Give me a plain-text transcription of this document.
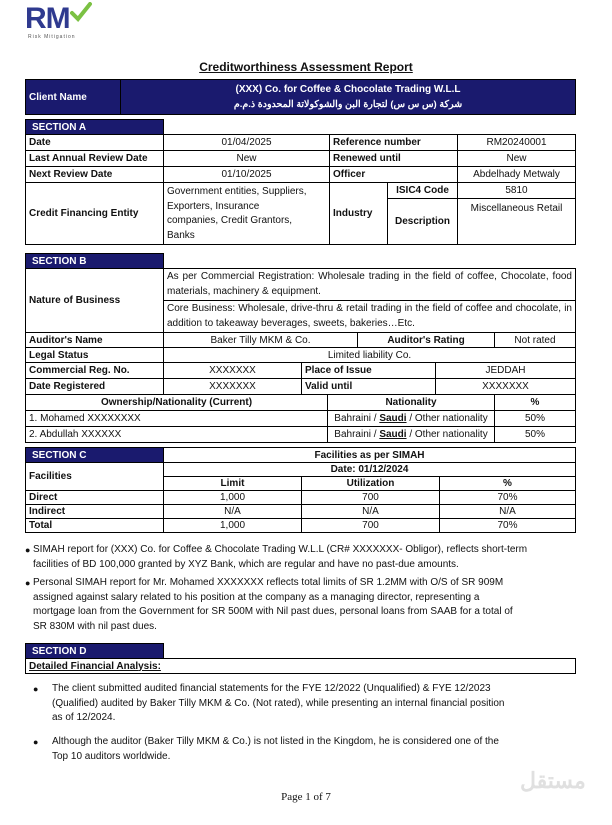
RM
Risk Mitigation
Creditworthiness Assessment Report
Client Name	
(XXX) Co. for Coffee & Chocolate Trading W.L.L
شركة (س س س) لتجارة البن والشوكولاتة المحدودة ذ.م.م
SECTION A				
Date	01/04/2025	Reference number		RM20240001
Last Annual Review Date	New	Renewed until		New
Next Review Date	01/10/2025	Officer		Abdelhady Metwaly
Credit Financing Entity	Government entities, Suppliers,
Exporters, Insurance
companies, Credit Grantors,
Banks	Industry	ISIC4 Code	5810
			Description	Miscellaneous Retail
SECTION B						
Nature of Business	As per Commercial Registration: Wholesale trading in the field of coffee, Chocolate, food materials, machinery & equipment.					
	Core Business: Wholesale, drive-thru & retail trading in the field of coffee and chocolate, in addition to takeaway beverages, sweets, bakeries…Etc.					
Auditor's Name	Baker Tilly MKM & Co.			Auditor's Rating		Not rated
Legal Status	Limited liability Co.					
Commercial Reg. No.	XXXXXXX	Place of Issue			JEDDAH	
Date Registered	XXXXXXX	Valid until			XXXXXXX	
Ownership/Nationality (Current)			Nationality			%
1. Mohamed XXXXXXXX			Bahraini / Saudi / Other nationality			50%
2. Abdullah XXXXXX			Bahraini / Saudi / Other nationality			50%
SECTION C	Facilities as per SIMAH		
Facilities	Date: 01/12/2024		
	Limit	Utilization	%
Direct	1,000	700	70%
Indirect	N/A	N/A	N/A
Total	1,000	700	70%
● SIMAH report for (XXX) Co. for Coffee & Chocolate Trading W.L.L (CR# XXXXXXX- Obligor), reflects short-term
facilities of BD 100,000 granted by XYZ Bank, which are regular and have no past-due amounts.
● Personal SIMAH report for Mr. Mohamed XXXXXXX reflects total limits of SR 1.2MM with O/S of SR 909M
assigned against salary related to his position at the company as a managing director, representing a
mortgage loan from the Government for SR 500M with Nil past dues, personal loans from SAAB for a total of
SR 830M with nil past dues.
SECTION D	
Detailed Financial Analysis:
● The client submitted audited financial statements for the FYE 12/2022 (Unqualified) & FYE 12/2023
(Qualified) audited by Baker Tilly MKM & Co. (Not rated), while presenting an internal financial position
as of 12/2024.
● Although the auditor (Baker Tilly MKM & Co.) is not listed in the Kingdom, he is considered one of the
Top 10 auditors worldwide.
مستقل
Page 1 of 7
